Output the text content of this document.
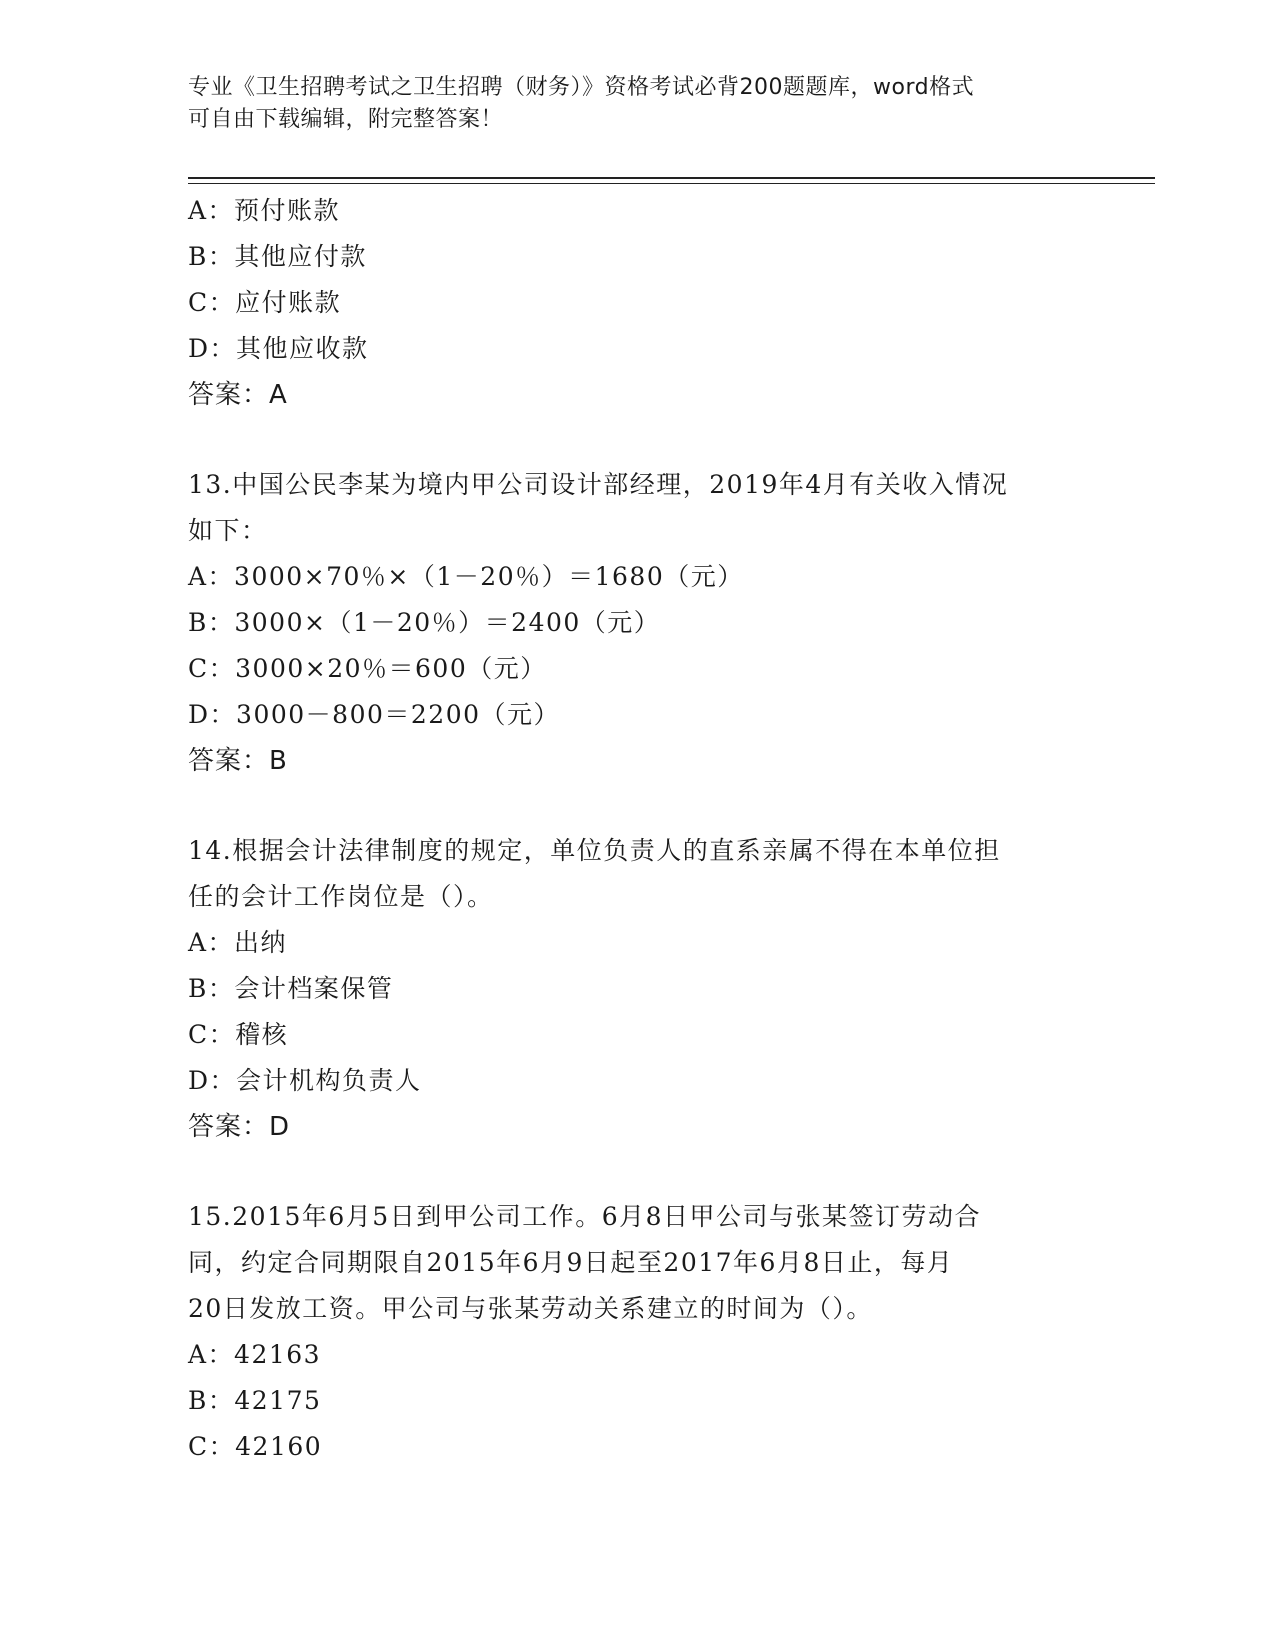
专业《卫生招聘考试之卫生招聘（财务）》资格考试必背200题题库，word格式
可自由下载编辑，附完整答案！
A：预付账款
B：其他应付款
C：应付账款
D：其他应收款
答案：A
13.中国公民李某为境内甲公司设计部经理，2019年4月有关收入情况
如下：
A：3000×70％×（1－20％）＝1680（元）
B：3000×（1－20％）＝2400（元）
C：3000×20％＝600（元）
D：3000－800＝2200（元）
答案：B
14.根据会计法律制度的规定，单位负责人的直系亲属不得在本单位担
任的会计工作岗位是（）。
A：出纳
B：会计档案保管
C：稽核
D：会计机构负责人
答案：D
15.2015年6月5日到甲公司工作。6月8日甲公司与张某签订劳动合
同，约定合同期限自2015年6月9日起至2017年6月8日止，每月
20日发放工资。甲公司与张某劳动关系建立的时间为（）。
A：42163
B：42175
C：42160
